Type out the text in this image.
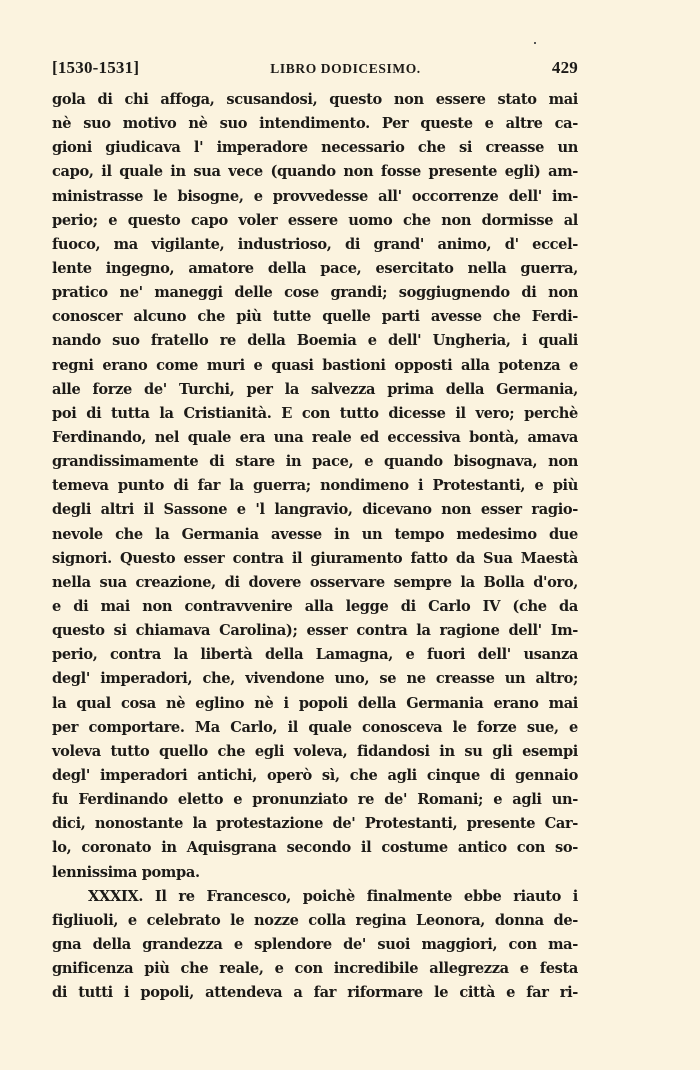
[1530-1531]	LIBRO DODICESIMO.	429
gola di chi affoga, scusandosi, questo non essere stato mai
nè suo motivo nè suo intendimento. Per queste e altre ca-
gioni giudicava l' imperadore necessario che si creasse un
capo, il quale in sua vece (quando non fosse presente egli) am-
ministrasse le bisogne, e provvedesse all' occorrenze dell' im-
perio; e questo capo voler essere uomo che non dormisse al
fuoco, ma vigilante, industrioso, di grand' animo, d' eccel-
lente ingegno, amatore della pace, esercitato nella guerra,
pratico ne' maneggi delle cose grandi; soggiugnendo di non
conoscer alcuno che più tutte quelle parti avesse che Ferdi-
nando suo fratello re della Boemia e dell' Ungheria, i quali
regni erano come muri e quasi bastioni opposti alla potenza e
alle forze de' Turchi, per la salvezza prima della Germania,
poi di tutta la Cristianità. E con tutto dicesse il vero; perchè
Ferdinando, nel quale era una reale ed eccessiva bontà, amava
grandissimamente di stare in pace, e quando bisognava, non
temeva punto di far la guerra; nondimeno i Protestanti, e più
degli altri il Sassone e 'l langravio, dicevano non esser ragio-
nevole che la Germania avesse in un tempo medesimo due
signori. Questo esser contra il giuramento fatto da Sua Maestà
nella sua creazione, di dovere osservare sempre la Bolla d'oro,
e di mai non contravvenire alla legge di Carlo IV (che da
questo si chiamava Carolina); esser contra la ragione dell' Im-
perio, contra la libertà della Lamagna, e fuori dell' usanza
degl' imperadori, che, vivendone uno, se ne creasse un altro;
la qual cosa nè eglino nè i popoli della Germania erano mai
per comportare. Ma Carlo, il quale conosceva le forze sue, e
voleva tutto quello che egli voleva, fidandosi in su gli esempi
degl' imperadori antichi, operò sì, che agli cinque di gennaio
fu Ferdinando eletto e pronunziato re de' Romani; e agli un-
dici, nonostante la protestazione de' Protestanti, presente Car-
lo, coronato in Aquisgrana secondo il costume antico con so-
lennissima pompa.
XXXIX. Il re Francesco, poichè finalmente ebbe riauto i
figliuoli, e celebrato le nozze colla regina Leonora, donna de-
gna della grandezza e splendore de' suoi maggiori, con ma-
gnificenza più che reale, e con incredibile allegrezza e festa
di tutti i popoli, attendeva a far riformare le città e far ri-
